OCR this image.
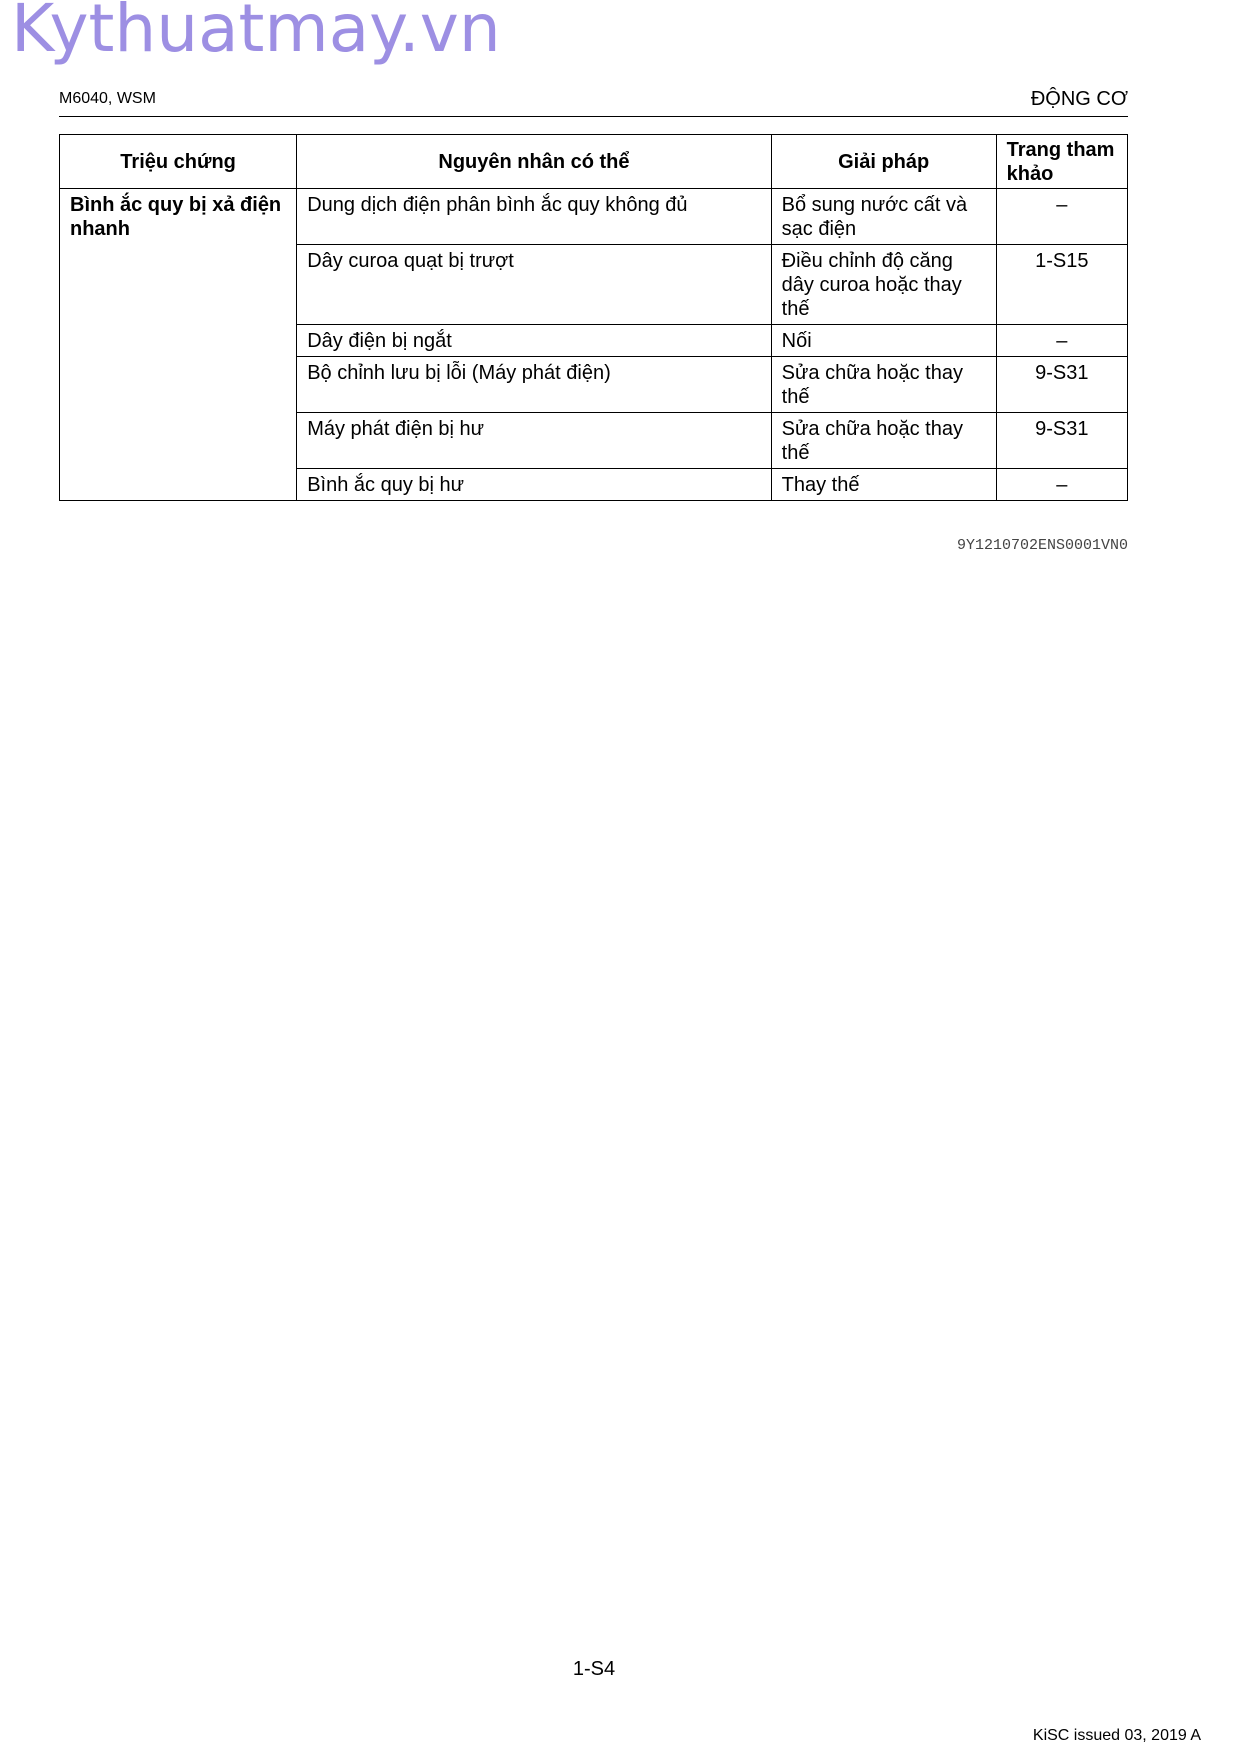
Kythuatmay.vn
M6040, WSM	ĐỘNG CƠ
Triệu chứng	Nguyên nhân có thể	Giải pháp	Trang tham khảo
Bình ắc quy bị xả điện nhanh	Dung dịch điện phân bình ắc quy không đủ	Bổ sung nước cất và sạc điện	–
	Dây curoa quạt bị trượt	Điều chỉnh độ căng dây curoa hoặc thay thế	1-S15
	Dây điện bị ngắt	Nối	–
	Bộ chỉnh lưu bị lỗi (Máy phát điện)	Sửa chữa hoặc thay thế	9-S31
	Máy phát điện bị hư	Sửa chữa hoặc thay thế	9-S31
	Bình ắc quy bị hư	Thay thế	–
9Y1210702ENS0001VN0
1-S4
KiSC issued 03, 2019 A
